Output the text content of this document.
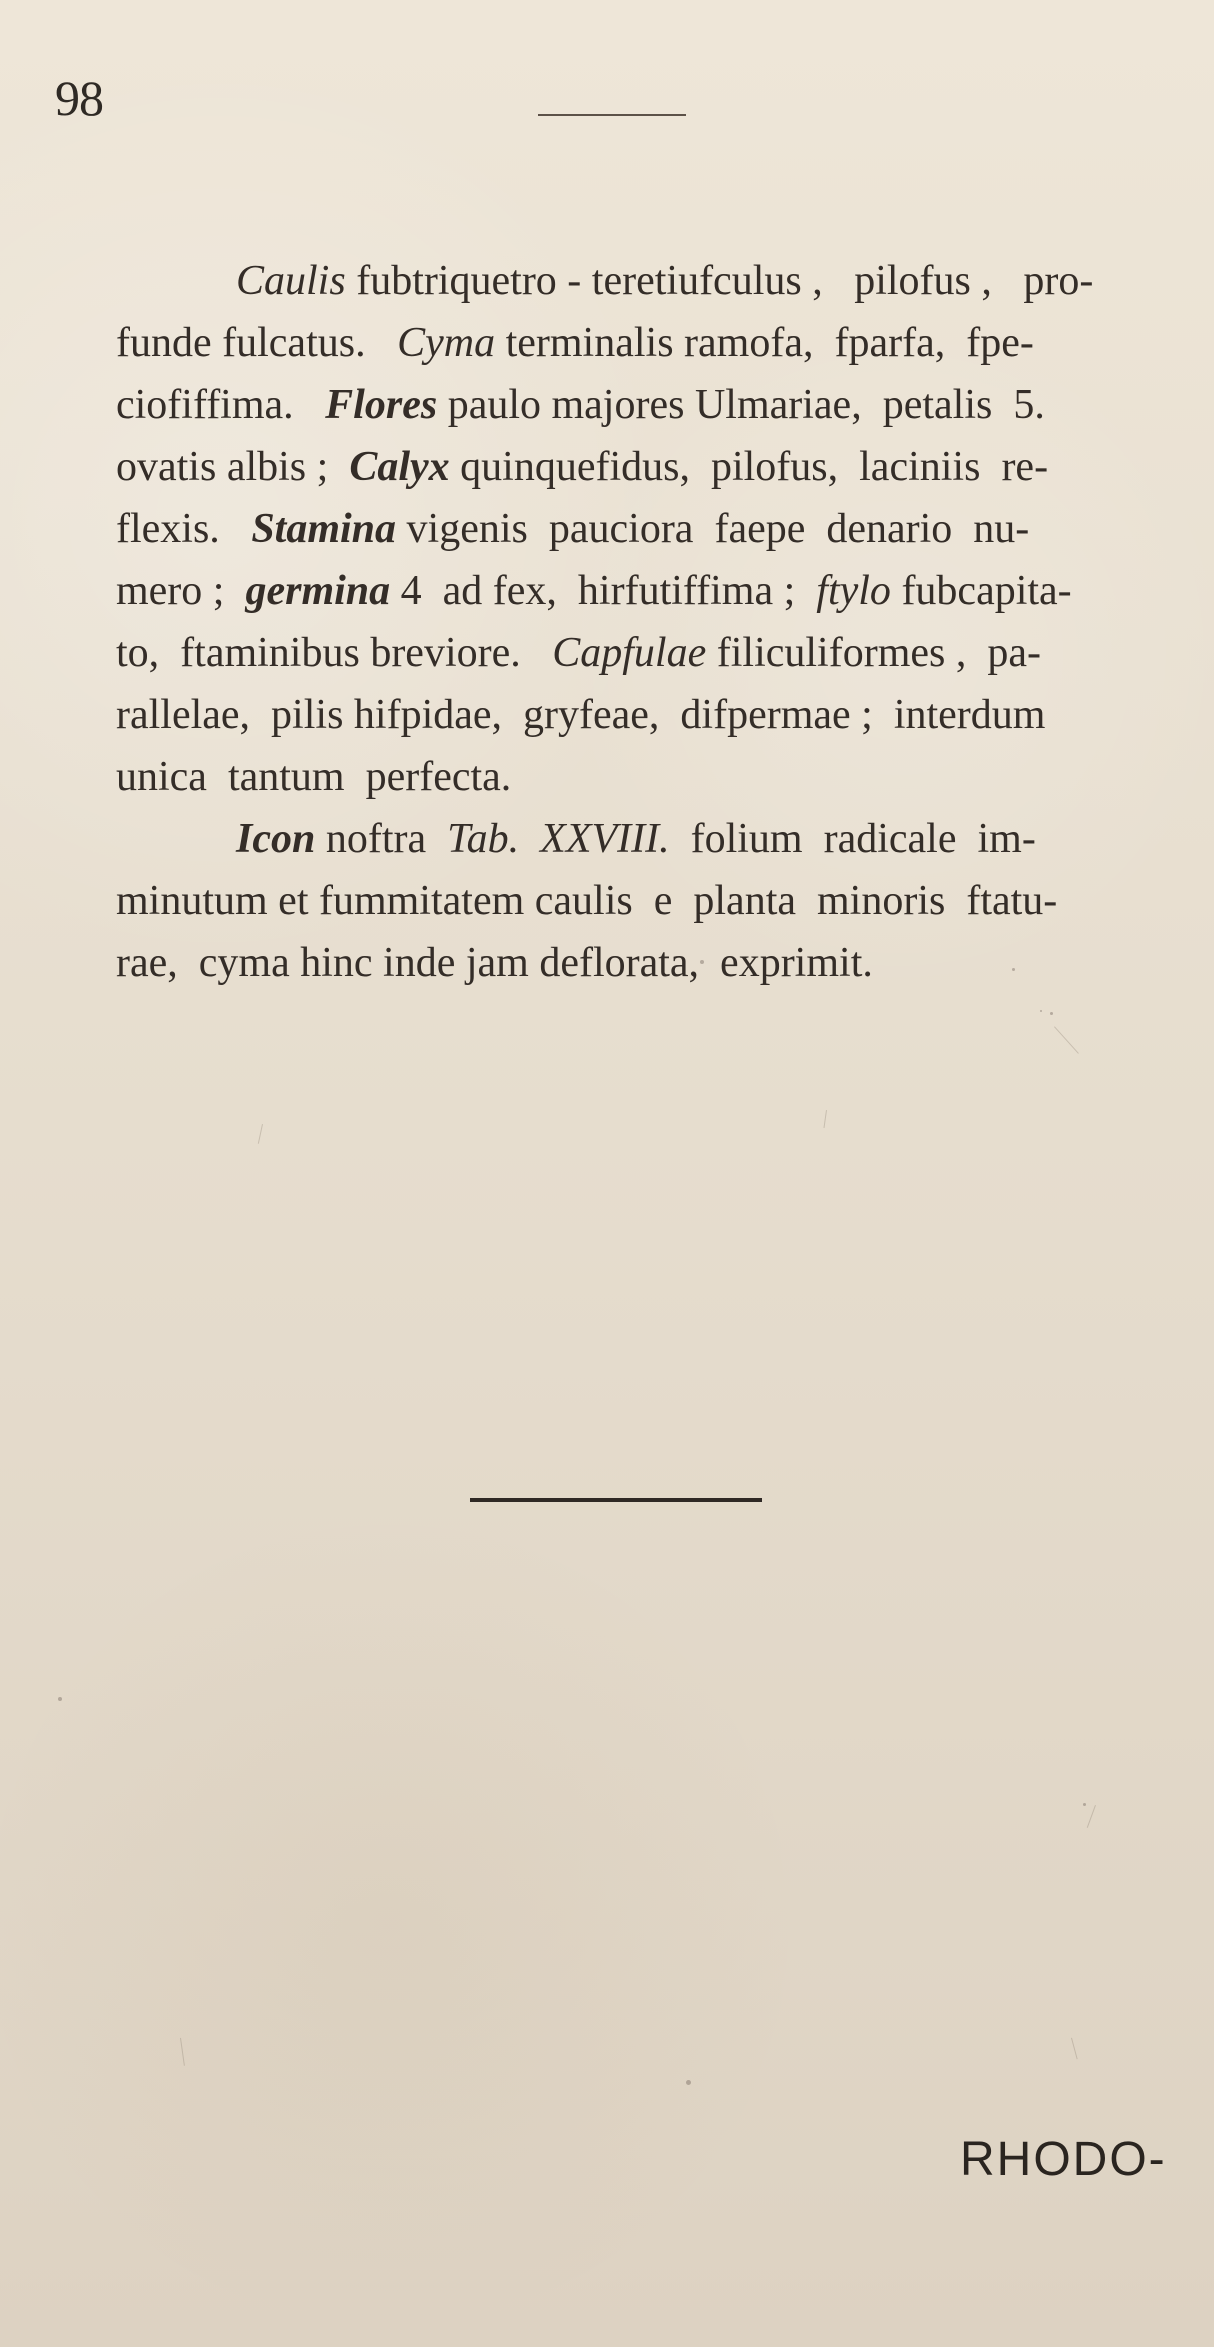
98

Caulis fubtriquetro - teretiufculus ,   pilofus ,   pro-

funde fulcatus.   Cyma terminalis ramofa,  fparfa,  fpe-

ciofiffima.   Flores paulo majores Ulmariae,  petalis  5.

ovatis albis ;  Calyx quinquefidus,  pilofus,  laciniis  re-

flexis.   Stamina vigenis  pauciora  faepe  denario  nu-

mero ;  germina 4  ad fex,  hirfutiffima ;  ftylo fubcapita-

to,  ftaminibus breviore.   Capfulae filiculiformes ,  pa-

rallelae,  pilis hifpidae,  gryfeae,  difpermae ;  interdum

unica  tantum  perfecta.

Icon noftra  Tab.  XXVIII.  folium  radicale  im-

minutum et fummitatem caulis  e  planta  minoris  ftatu-

rae,  cyma hinc inde jam deflorata,  exprimit.

RHODO-
